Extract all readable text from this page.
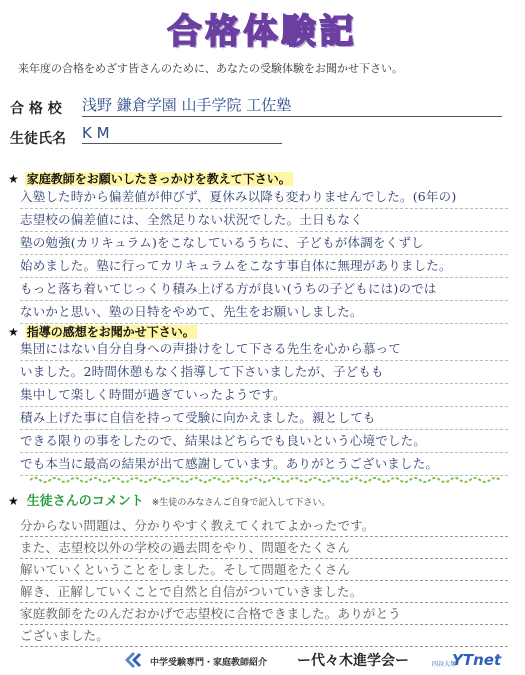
合格体験記
来年度の合格をめざす皆さんのために、あなたの受験体験をお聞かせ下さい。
合 格 校 浅野 鎌倉学園 山手学院 工佐塾
生徒氏名 K M
★ 家庭教師をお願いしたきっかけを教えて下さい。
入塾した時から偏差値が伸びず、夏休み以降も変わりませんでした。(6年の)
志望校の偏差値には、全然足りない状況でした。土日もなく
塾の勉強(カリキュラム)をこなしているうちに、子どもが体調をくずし
始めました。塾に行ってカリキュラムをこなす事自体に無理がありました。
もっと落ち着いてじっくり積み上げる方が良い(うちの子どもには)のでは
ないかと思い、塾の日特をやめて、先生をお願いしました。
★ 指導の感想をお聞かせ下さい。
集団にはない自分自身への声掛けをして下さる先生を心から慕って
いました。2時間休憩もなく指導して下さいましたが、子どもも
集中して楽しく時間が過ぎていったようです。
積み上げた事に自信を持って受験に向かえました。親としても
できる限りの事をしたので、結果はどちらでも良いという心境でした。
でも本当に最高の結果が出て感謝しています。ありがとうございました。
★ 生徒さんのコメント ※生徒のみなさんご自身で記入して下さい。
分からない問題は、分かりやすく教えてくれてよかったです。
また、志望校以外の学校の過去問をやり、問題をたくさん
解いていくということをしました。そして問題をたくさん
解き、正解していくことで自然と自信がついていきました。
家庭教師をたのんだおかげで志望校に合格できました。ありがとう
ございました。
中学受験専門・家庭教師紹介 ー代々木進学会ー	四谷大塚
YTnet
